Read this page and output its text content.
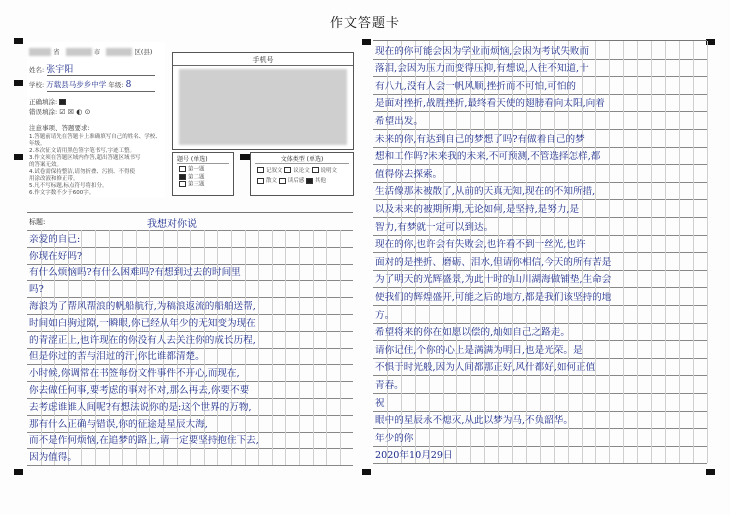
作文答题卡
省	市	区(县)
姓名: 张宇阳
学校: 万载县马步乡中学 年级: 8
正确填涂:
错误填涂: ☑ ☒ ◐ ⊙
注意事项、答题要求:
1.答题前请先在答题卡上准确填写自己的姓名、学校、年级。
2.本次征文请用黑色签字笔书写,字迹工整。
3.作文须在答题区域内作答,超出答题区域书写
的答案无效。
4.试卷需保持整洁,请勿折叠、污损、不得使
用涂改液和修正带。
5.凡不写标题,标点符号将扣分。
6.作文字数不少于600字。
手机号
题号 (单选)
第一题
第二题
第三题
文体类型 (单选)
记叙文 议论文 说明文
散文 读后感 其他
标题:	我想对你说
亲爱的自己:
你现在好吗?
有什么烦恼吗?有什么困难吗?有想到过去的时间里
吗?
海浪为了帮风帮浪的帆船航行,为稿浪返流的船舶送帮,
时间如白驹过隙,一瞬眼,你已经从年少的无知变为现在
的青涩正上,也许现在的你没有人去关注你的成长历程,
但是你过的苦与泪过的汗,你比谁都清楚。
小时候,你调常在书签每份文件事件不开心,而现在,
你去做任何事,要考虑的事对不对,那么再去,你要不要
去考虑谁谁人间呢?有想法说你的是:这个世界的万物,
那有什么正确与错误,你的征途是星辰大海,
而不是作何烦恼,在追梦的路上,请一定要坚持抱住下去,
因为值得。
现在的你可能会因为学业而烦恼,会因为考试失败而
落泪,会因为压力而变得压抑,有想说,人往不知道,十
有八九,没有人会一帆风顺,挫折而不可怕,可怕的
是面对挫折,战胜挫折,最终看天使的翅膀看向太阳,向着
希望出发。
未来的你,有达到自己的梦想了吗?有做着自己的梦
想和工作吗?未来我的未来,不可预测,不管选择怎样,都
值得你去探索。
生活像那未被散了,从前的天真无知,现在的不知所措,
以及未来的被期所期,无论如何,是坚持,是努力,是
智力,有梦就一定可以到达。
现在的你,也许会有失败会,也许看不到一丝光,也许
面对的是挫折、磨砺、泪水,但请你相信,今天的所有苦是
为了明天的光辉盛景,为此十时的山川湖海做铺垫,生命会
使我们的辉煌盛开,可能之后的地方,都是我们该坚持的地
方。
希望将来的你在如愿以偿的,灿如自己之路走。
请你记住,个你的心上是满满为明日,也是光荣。是
不惧于时光般,因为人间都那正好,风什都好,如何正值
青春。
祝
眼中的星辰永不熄灭,从此以梦为马,不负韶华。
年少的你
2020年10月29日
